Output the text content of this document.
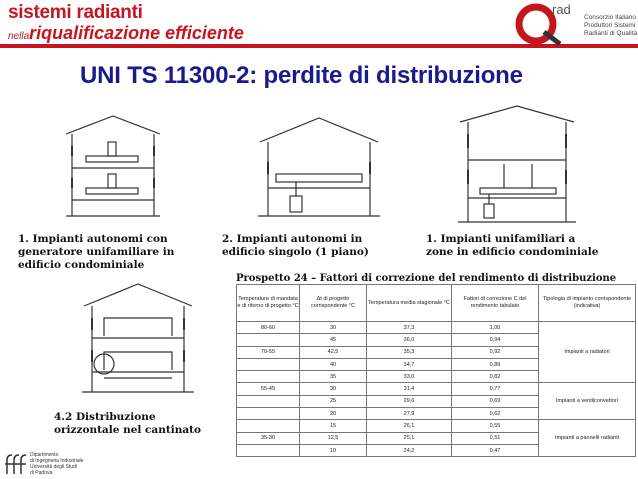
sistemi radianti
nellariqualificazione efficiente
rad
Consorzio Italiano
Produttori Sistemi
Radianti di Qualità
UNI TS 11300-2: perdite di distribuzione
1. Impianti autonomi con generatore unifamiliare in edificio condominiale
2. Impianti autonomi in edificio singolo (1 piano)
1. Impianti unifamiliari a zone in edificio condominiale
4.2 Distribuzione orizzontale nel cantinato
Prospetto 24 – Fattori di correzione del rendimento di distribuzione
Temperature di mandata e di ritorno di progetto °C	Δt di progetto corrispondente °C	Temperatura media stagionale °C	Fattori di correzione C del rendimento tabulato	Tipologia di impianto corrispondente (indicativa)
80-60	30	37,3	1,00	Impianti a radiatori
	45	36,0	0,94	
70-55	42,5	35,3	0,92	
	40	34,7	0,89	
	35	33,0	0,82	
55-45	30	31,4	0,77	Impianti a ventilconvettori
	25	29,6	0,69	
	20	27,9	0,62	
	15	26,1	0,55	Impianti a pannelli radianti
35-30	12,5	25,1	0,51	
	10	24,2	0,47	
Dipartimento
di Ingegneria Industriale
Università degli Studi
di Padova
